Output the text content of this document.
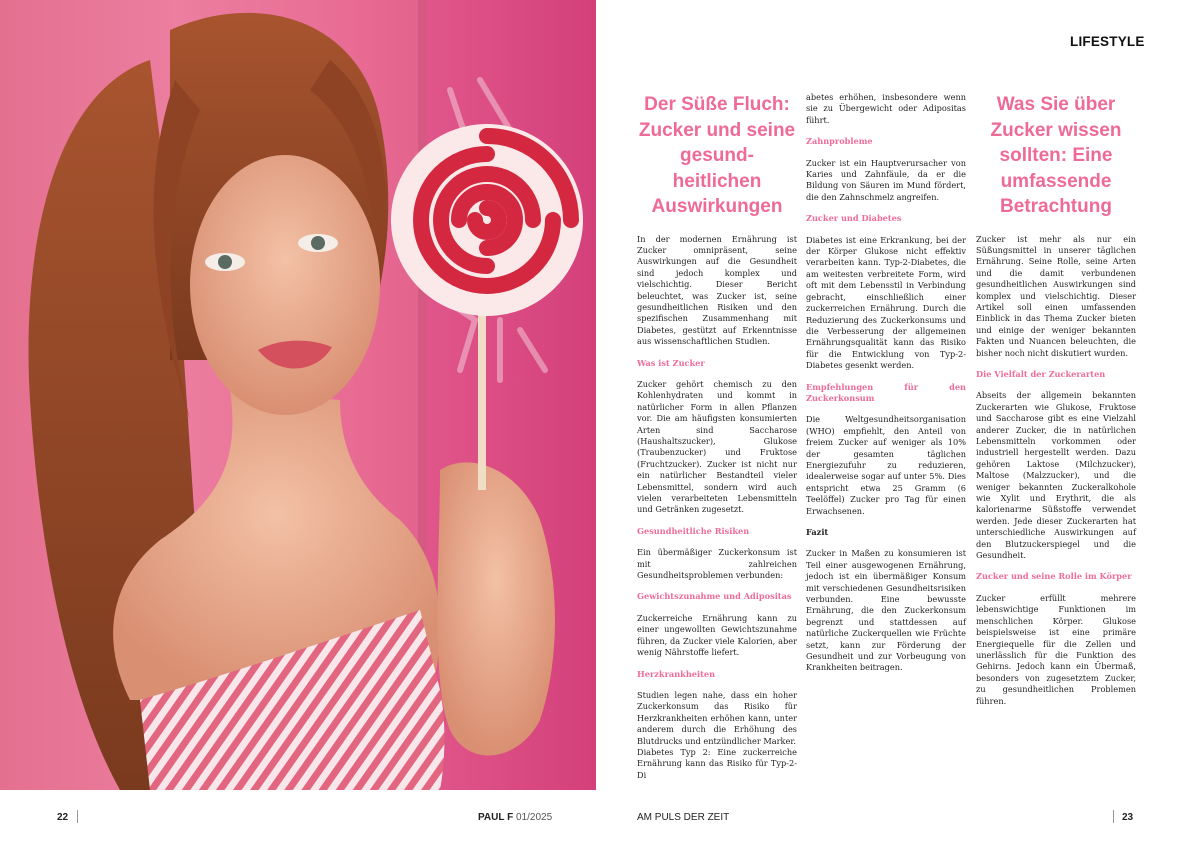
22	PAUL F 01/2025	AM PULS DER ZEIT	23
LIFESTYLE
Der Süße Fluch: Zucker und seine gesund-heitlichen Auswirkungen

In der modernen Ernährung ist Zucker omnipräsent, seine Auswirkungen auf die Gesundheit sind jedoch komplex und vielschichtig. Dieser Bericht beleuchtet, was Zucker ist, seine gesundheitlichen Risiken und den spezifischen Zusammenhang mit Diabetes, gestützt auf Erkenntnisse aus wissenschaftlichen Studien.

Was ist Zucker

Zucker gehört chemisch zu den Kohlenhydraten und kommt in natürlicher Form in allen Pflanzen vor. Die am häufigsten konsumierten Arten sind Saccharose (Haushaltszucker), Glukose (Traubenzucker) und Fruktose (Fruchtzucker). Zucker ist nicht nur ein natürlicher Bestandteil vieler Lebensmittel, sondern wird auch vielen verarbeiteten Lebensmitteln und Getränken zugesetzt.

Gesundheitliche Risiken

Ein übermäßiger Zuckerkonsum ist mit zahlreichen Gesundheitsproblemen verbunden:

Gewichtszunahme und Adipositas

Zuckerreiche Ernährung kann zu einer ungewollten Gewichtszunahme führen, da Zucker viele Kalorien, aber wenig Nährstoffe liefert.

Herzkrankheiten

Studien legen nahe, dass ein hoher Zuckerkonsum das Risiko für Herzkrankheiten erhöhen kann, unter anderem durch die Erhöhung des Blutdrucks und entzündlicher Marker.

Diabetes Typ 2: Eine zuckerreiche Ernährung kann das Risiko für Typ-2-Di

abetes erhöhen, insbesondere wenn sie zu Übergewicht oder Adipositas führt.

Zahnprobleme

Zucker ist ein Hauptverursacher von Karies und Zahnfäule, da er die Bildung von Säuren im Mund fördert, die den Zahnschmelz angreifen.

Zucker und Diabetes

Diabetes ist eine Erkrankung, bei der der Körper Glukose nicht effektiv verarbeiten kann. Typ-2-Diabetes, die am weitesten verbreitete Form, wird oft mit dem Lebensstil in Verbindung gebracht, einschließlich einer zuckerreichen Ernährung. Durch die Reduzierung des Zuckerkonsums und die Verbesserung der allgemeinen Ernährungsqualität kann das Risiko für die Entwicklung von Typ-2-Diabetes gesenkt werden.

Empfehlungen für den Zuckerkonsum

Die Weltgesundheitsorganisation (WHO) empfiehlt, den Anteil von freiem Zucker auf weniger als 10% der gesamten täglichen Energiezufuhr zu reduzieren, idealerweise sogar auf unter 5%. Dies entspricht etwa 25 Gramm (6 Teelöffel) Zucker pro Tag für einen Erwachsenen.

Fazit

Zucker in Maßen zu konsumieren ist Teil einer ausgewogenen Ernährung, jedoch ist ein übermäßiger Konsum mit verschiedenen Gesundheitsrisiken verbunden. Eine bewusste Ernährung, die den Zuckerkonsum begrenzt und stattdessen auf natürliche Zuckerquellen wie Früchte setzt, kann zur Förderung der Gesundheit und zur Vorbeugung von Krankheiten beitragen.

Was Sie über Zucker wissen sollten: Eine umfassende Betrachtung

Zucker ist mehr als nur ein Süßungsmittel in unserer täglichen Ernährung. Seine Rolle, seine Arten und die damit verbundenen gesundheitlichen Auswirkungen sind komplex und vielschichtig. Dieser Artikel soll einen umfassenden Einblick in das Thema Zucker bieten und einige der weniger bekannten Fakten und Nuancen beleuchten, die bisher noch nicht diskutiert wurden.

Die Vielfalt der Zuckerarten

Abseits der allgemein bekannten Zuckerarten wie Glukose, Fruktose und Saccharose gibt es eine Vielzahl anderer Zucker, die in natürlichen Lebensmitteln vorkommen oder industriell hergestellt werden. Dazu gehören Laktose (Milchzucker), Maltose (Malzzucker), und die weniger bekannten Zuckeralkohole wie Xylit und Erythrit, die als kalorienarme Süßstoffe verwendet werden. Jede dieser Zuckerarten hat unterschiedliche Auswirkungen auf den Blutzuckerspiegel und die Gesundheit.

Zucker und seine Rolle im Körper

Zucker erfüllt mehrere lebenswichtige Funktionen im menschlichen Körper. Glukose beispielsweise ist eine primäre Energiequelle für die Zellen und unerlässlich für die Funktion des Gehirns. Jedoch kann ein Übermaß, besonders von zugesetztem Zucker, zu gesundheitlichen Problemen führen.
